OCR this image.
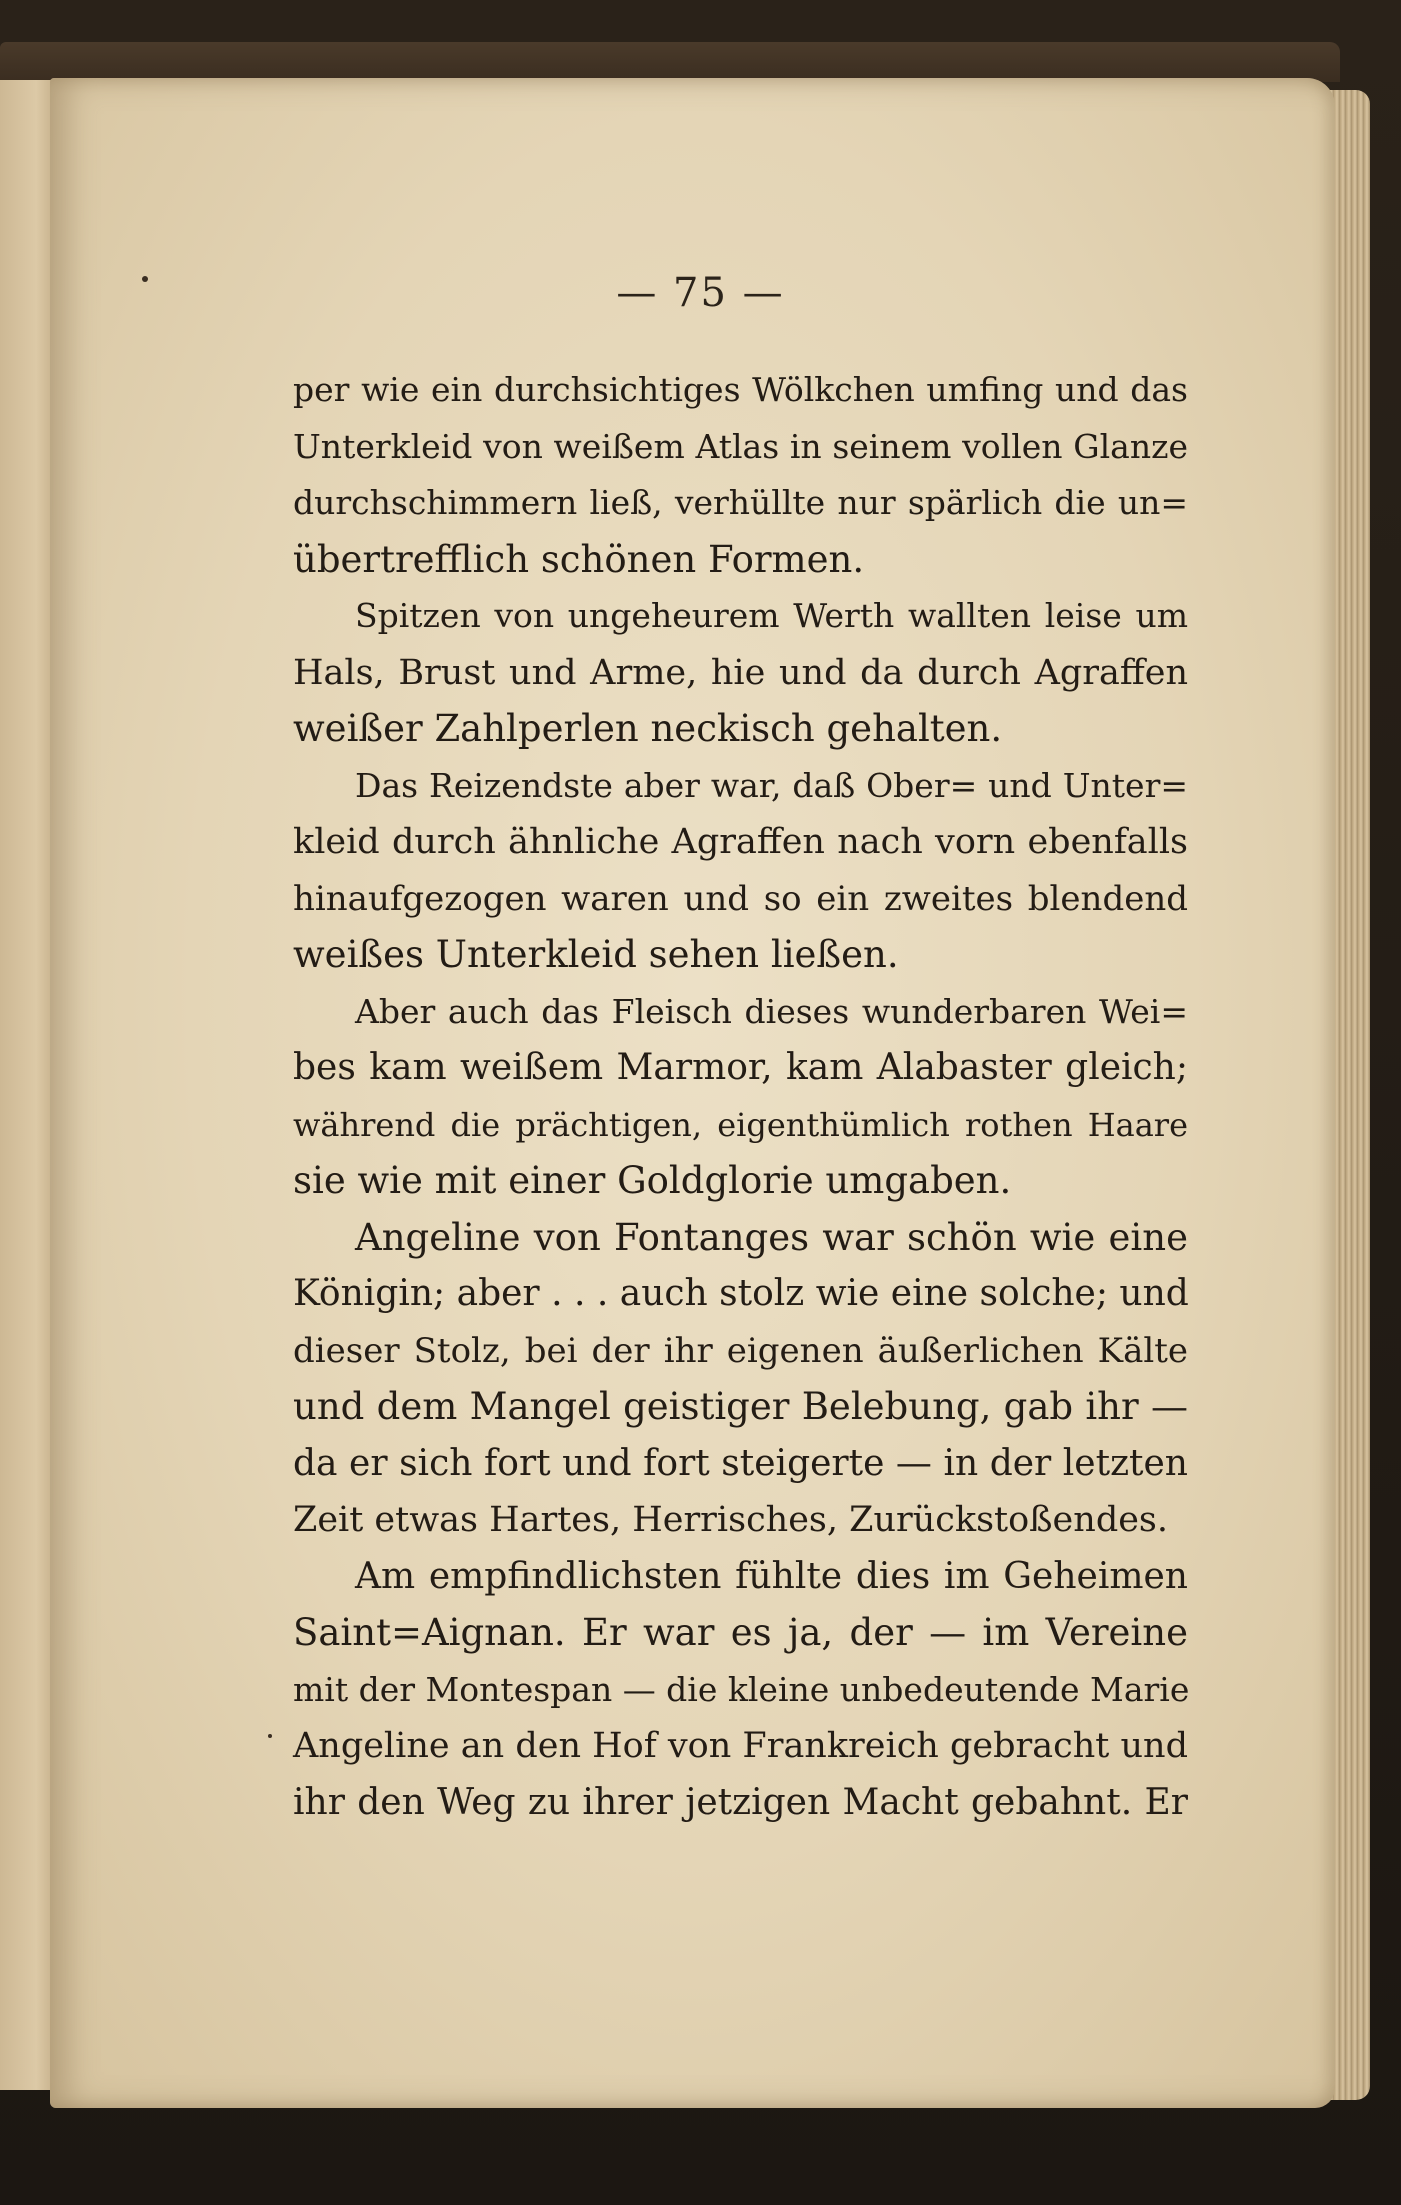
— 75 —
per wie ein durchsichtiges Wölkchen umfing und das
Unterkleid von weißem Atlas in seinem vollen Glanze
durchschimmern ließ, verhüllte nur spärlich die un=
übertrefflich schönen Formen.
Spitzen von ungeheurem Werth wallten leise um
Hals, Brust und Arme, hie und da durch Agraffen
weißer Zahlperlen neckisch gehalten.
Das Reizendste aber war, daß Ober= und Unter=
kleid durch ähnliche Agraffen nach vorn ebenfalls
hinaufgezogen waren und so ein zweites blendend
weißes Unterkleid sehen ließen.
Aber auch das Fleisch dieses wunderbaren Wei=
bes kam weißem Marmor, kam Alabaster gleich;
während die prächtigen, eigenthümlich rothen Haare
sie wie mit einer Goldglorie umgaben.
Angeline von Fontanges war schön wie eine
Königin; aber . . . auch stolz wie eine solche; und
dieser Stolz, bei der ihr eigenen äußerlichen Kälte
und dem Mangel geistiger Belebung, gab ihr —
da er sich fort und fort steigerte — in der letzten
Zeit etwas Hartes, Herrisches, Zurückstoßendes.
Am empfindlichsten fühlte dies im Geheimen
Saint=Aignan. Er war es ja, der — im Vereine
mit der Montespan — die kleine unbedeutende Marie
Angeline an den Hof von Frankreich gebracht und
ihr den Weg zu ihrer jetzigen Macht gebahnt. Er
